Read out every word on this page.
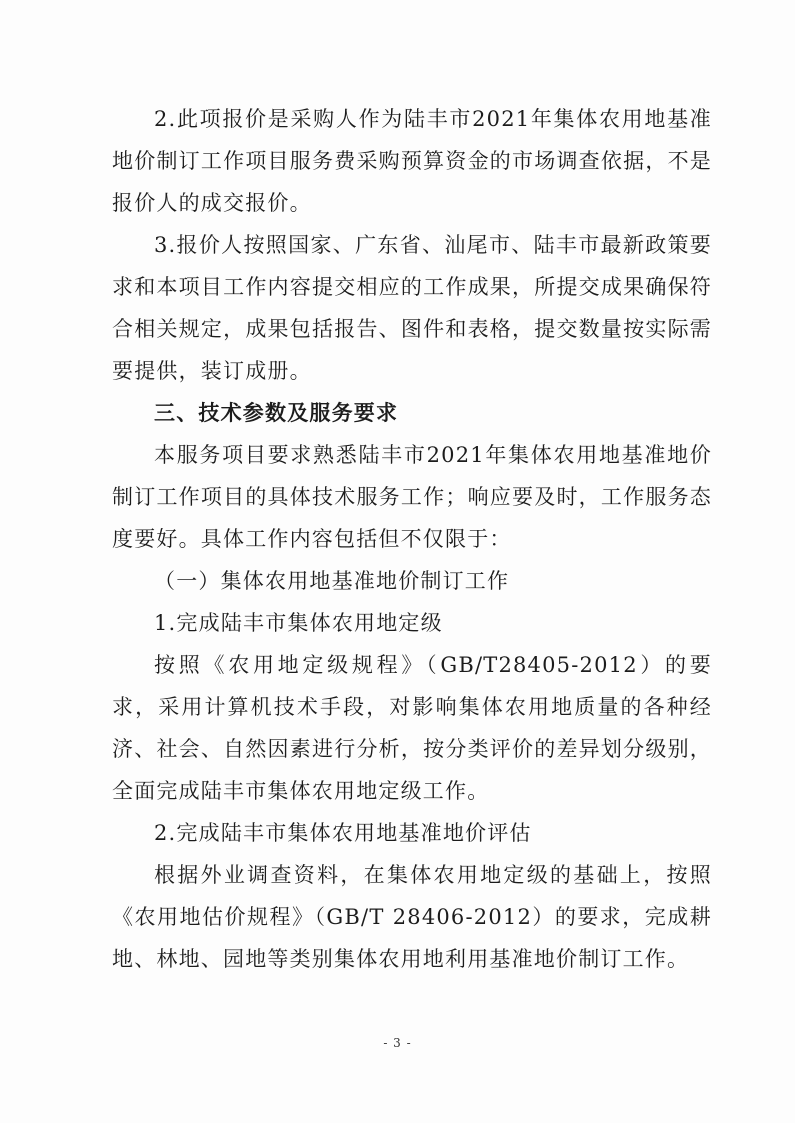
2.此项报价是采购人作为陆丰市2021年集体农用地基准地价制订工作项目服务费采购预算资金的市场调查依据，不是报价人的成交报价。

3.报价人按照国家、广东省、汕尾市、陆丰市最新政策要求和本项目工作内容提交相应的工作成果，所提交成果确保符合相关规定，成果包括报告、图件和表格，提交数量按实际需要提供，装订成册。

三、技术参数及服务要求

本服务项目要求熟悉陆丰市2021年集体农用地基准地价制订工作项目的具体技术服务工作；响应要及时，工作服务态度要好。具体工作内容包括但不仅限于：

（一）集体农用地基准地价制订工作

1.完成陆丰市集体农用地定级

按照《农用地定级规程》（GB/T28405-2012）的要求，采用计算机技术手段，对影响集体农用地质量的各种经济、社会、自然因素进行分析，按分类评价的差异划分级别，全面完成陆丰市集体农用地定级工作。

2.完成陆丰市集体农用地基准地价评估

根据外业调查资料，在集体农用地定级的基础上，按照《农用地估价规程》（GB/T 28406-2012）的要求，完成耕地、林地、园地等类别集体农用地利用基准地价制订工作。

- 3 -
